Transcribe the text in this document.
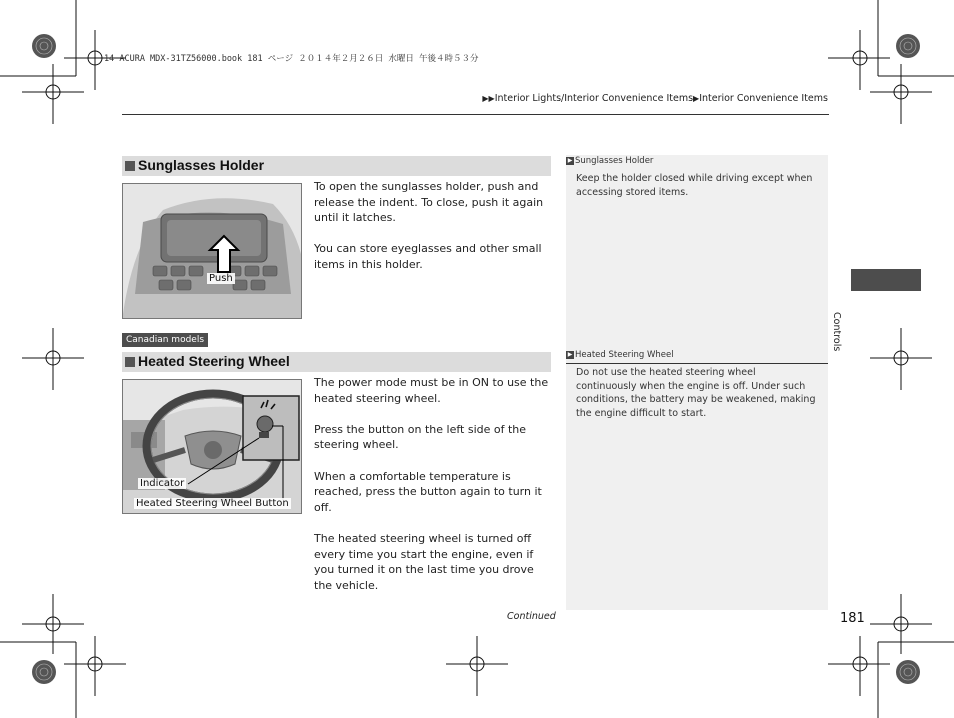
14 ACURA MDX-31TZ56000.book 181 ページ ２０１４年２月２６日 水曜日 午後４時５３分
▶▶Interior Lights/Interior Convenience Items▶Interior Convenience Items
▶ Sunglasses Holder
Keep the holder closed while driving except when accessing stored items.
▶ Heated Steering Wheel
Do not use the heated steering wheel continuously when the engine is off. Under such conditions, the battery may be weakened, making the engine difficult to start.
Controls
Sunglasses Holder
Push

To open the sunglasses holder, push and release the indent. To close, push it again until it latches.

You can store eyeglasses and other small items in this holder.

Canadian models
Heated Steering Wheel
Indicator
Heated Steering Wheel Button

The power mode must be in ON to use the heated steering wheel.

Press the button on the left side of the steering wheel.

When a comfortable temperature is reached, press the button again to turn it off.

The heated steering wheel is turned off every time you start the engine, even if you turned it on the last time you drove the vehicle.

Continued	181
